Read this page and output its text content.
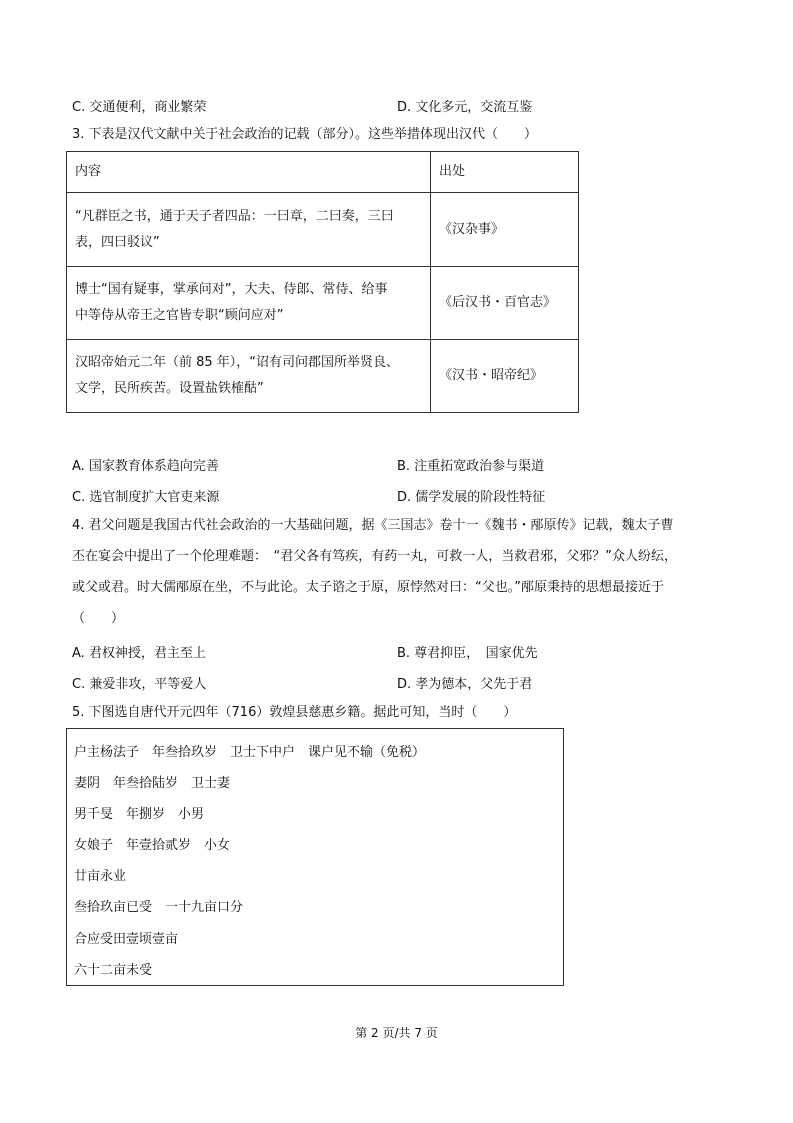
C. 交通便利，商业繁荣	D. 文化多元，交流互鉴
3. 下表是汉代文献中关于社会政治的记载（部分）。这些举措体现出汉代（　　）
内容	出处

“凡群臣之书，通于天子者四品：一曰章，二曰奏，三曰
表，四曰驳议”	《汉杂事》

博士“国有疑事，掌承问对”，大夫、侍郎、常侍、给事
中等侍从帝王之官皆专职“顾问应对”	《后汉书・百官志》

汉昭帝始元二年（前 85 年），“诏有司问郡国所举贤良、
文学，民所疾苦。设置盐铁榷酤”	《汉书・昭帝纪》
A. 国家教育体系趋向完善	B. 注重拓宽政治参与渠道
C. 选官制度扩大官吏来源	D. 儒学发展的阶段性特征
4. 君父问题是我国古代社会政治的一大基础问题，据《三国志》卷十一《魏书・邴原传》记载，魏太子曹
丕在宴会中提出了一个伦理难题：　“君父各有笃疾，有药一丸，可救一人，当救君邪，父邪？”众人纷纭，
或父或君。时大儒邴原在坐，不与此论。太子谘之于原，原悖然对曰：“父也。”邴原秉持的思想最接近于
（　　）
A. 君权神授，君主至上	B. 尊君抑臣，　国家优先
C. 兼爱非攻，平等爱人	D. 孝为德本，父先于君
5. 下图选自唐代开元四年（716）敦煌县慈惠乡籍。据此可知，当时（　　）
户主杨法子　年叁拾玖岁　卫士下中户　课户见不输（免税）
妻阴　年叁拾陆岁　卫士妻
男千旻　年捌岁　小男
女娘子　年壹拾贰岁　小女
廿亩永业
叁拾玖亩已受　一十九亩口分
合应受田壹顷壹亩
六十二亩未受
第 2 页/共 7 页
